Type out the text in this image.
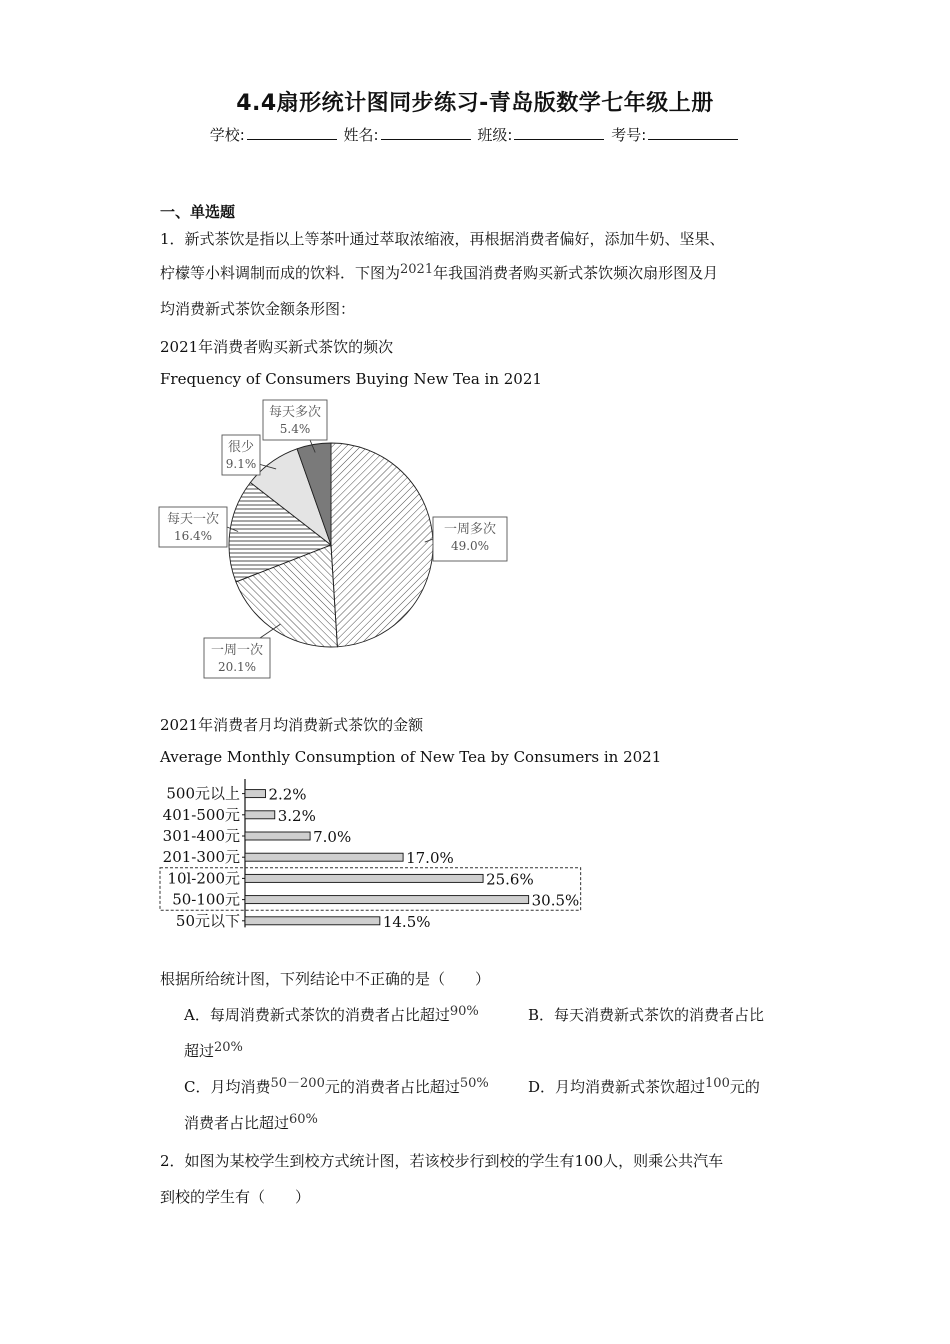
4.4扇形统计图同步练习-青岛版数学七年级上册
学校:	姓名:	班级:	考号:
一、单选题
1．新式茶饮是指以上等茶叶通过萃取浓缩液，再根据消费者偏好，添加牛奶、坚果、
柠檬等小料调制而成的饮料．下图为2021年我国消费者购买新式茶饮频次扇形图及月
均消费新式茶饮金额条形图：
2021年消费者购买新式茶饮的频次
Frequency of Consumers Buying New Tea in 2021
一周多次
49.0%
一周一次
20.1%
每天一次
16.4%
很少
9.1%
每天多次
5.4%
2021年消费者月均消费新式茶饮的金额
Average Monthly Consumption of New Tea by Consumers in 2021
500元以上 2.2%
401-500元	3.2%
301-400元	7.0%
201-300元	17.0%
10l-200元	25.6%
50-100元	30.5%
50元以下	14.5%
根据所给统计图，下列结论中不正确的是（　　）
A．每周消费新式茶饮的消费者占比超过90%	B．每天消费新式茶饮的消费者占比
超过20%
C．月均消费50－200元的消费者占比超过50%	D．月均消费新式茶饮超过100元的
消费者占比超过60%
2．如图为某校学生到校方式统计图，若该校步行到校的学生有100人，则乘公共汽车
到校的学生有（　　）
